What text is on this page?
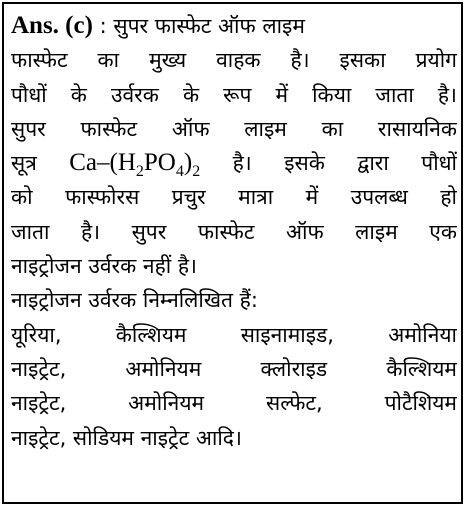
Ans. (c) : सुपर फास्फेट ऑफ लाइम
फास्फेट का मुख्य वाहक है। इसका प्रयोग
पौधों के उर्वरक के रूप में किया जाता है।
सुपर फास्फेट ऑफ लाइम का रासायनिक
सूत्र $Ca-(H_2PO_4)_2$ है। इसके द्वारा पौधों
को फास्फोरस प्रचुर मात्रा में उपलब्ध हो
जाता है। सुपर फास्फेट ऑफ लाइम एक
नाइट्रोजन उर्वरक नहीं है।
नाइट्रोजन उर्वरक निम्नलिखित हैं:
यूरिया, कैल्शियम साइनामाइड, अमोनिया
नाइट्रेट, अमोनियम क्लोराइड कैल्शियम
नाइट्रेट, अमोनियम सल्फेट, पोटैशियम
नाइट्रेट, सोडियम नाइट्रेट आदि।
